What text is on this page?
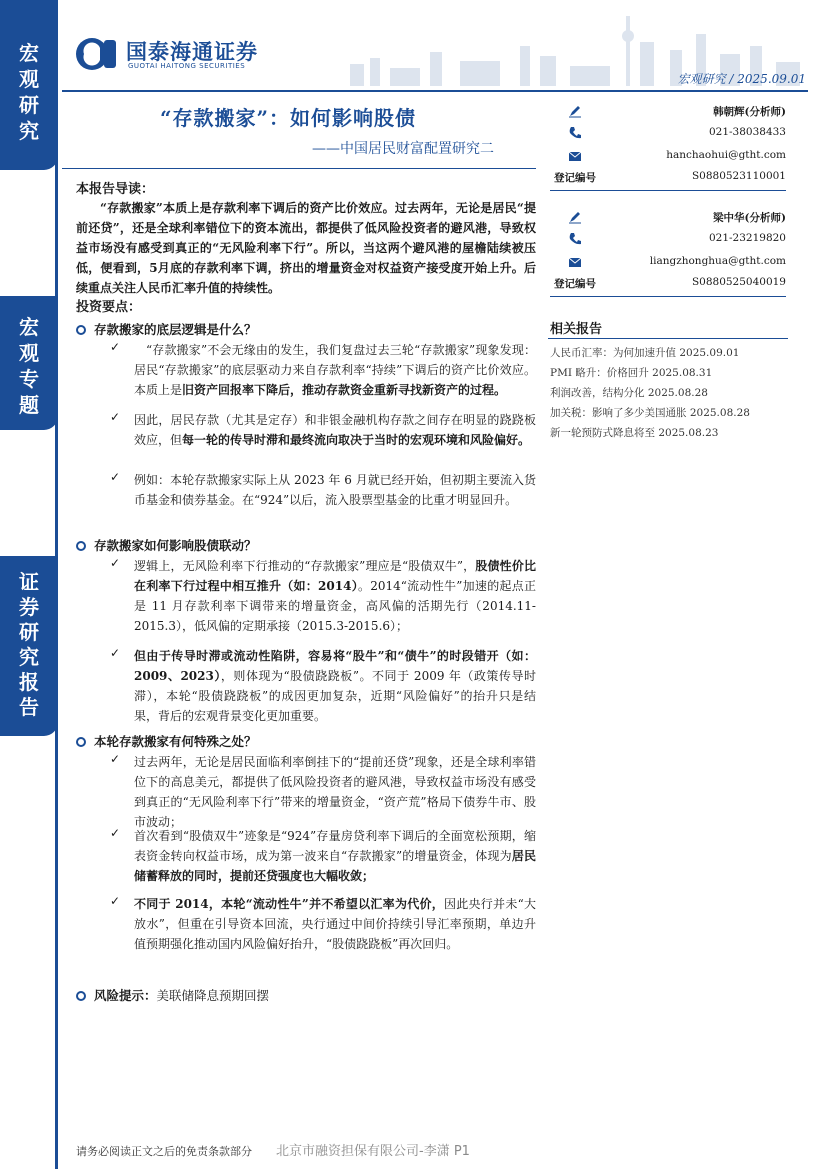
宏观研究
宏观专题
证券研究报告
国泰海通证券
GUOTAI HAITONG SECURITIES
宏观研究 / 2025.09.01
“存款搬家”：如何影响股债
——中国居民财富配置研究二
韩朝辉(分析师)
021-38038433
hanchaohui@gtht.com
登记编号	S0880523110001
梁中华(分析师)
021-23219820
liangzhonghua@gtht.com
登记编号	S0880525040019
相关报告
人民币汇率：为何加速升值 2025.09.01
PMI 略升：价格回升 2025.08.31
利润改善，结构分化 2025.08.28
加关税：影响了多少美国通胀 2025.08.28
新一轮预防式降息将至 2025.08.23
本报告导读：
“存款搬家”本质上是存款利率下调后的资产比价效应。过去两年，无论是居民“提前还贷”，还是全球利率错位下的资本流出，都提供了低风险投资者的避风港，导致权益市场没有感受到真正的“无风险利率下行”。所以，当这两个避风港的屋檐陆续被压低，便看到，5月底的存款利率下调，挤出的增量资金对权益资产接受度开始上升。后续重点关注人民币汇率升值的持续性。
投资要点：
存款搬家的底层逻辑是什么？
✓	“存款搬家”不会无缘由的发生，我们复盘过去三轮“存款搬家”现象发现：居民“存款搬家”的底层驱动力来自存款利率“持续”下调后的资产比价效应。本质上是旧资产回报率下降后，推动存款资金重新寻找新资产的过程。
✓ 因此，居民存款（尤其是定存）和非银金融机构存款之间存在明显的跷跷板效应，但每一轮的传导时滞和最终流向取决于当时的宏观环境和风险偏好。
✓ 例如：本轮存款搬家实际上从 2023 年 6 月就已经开始，但初期主要流入货币基金和债券基金。在“924”以后，流入股票型基金的比重才明显回升。
存款搬家如何影响股债联动？
✓ 逻辑上，无风险利率下行推动的“存款搬家”理应是“股债双牛”，股债性价比在利率下行过程中相互推升（如：2014）。2014“流动性牛”加速的起点正是 11 月存款利率下调带来的增量资金，高风偏的活期先行（2014.11-2015.3），低风偏的定期承接（2015.3-2015.6）；
✓ 但由于传导时滞或流动性陷阱，容易将“股牛”和“债牛”的时段错开（如：2009、2023），则体现为“股债跷跷板”。不同于 2009 年（政策传导时滞），本轮“股债跷跷板”的成因更加复杂，近期“风险偏好”的抬升只是结果，背后的宏观背景变化更加重要。
本轮存款搬家有何特殊之处？
✓ 过去两年，无论是居民面临利率倒挂下的“提前还贷”现象，还是全球利率错位下的高息美元，都提供了低风险投资者的避风港，导致权益市场没有感受到真正的“无风险利率下行”带来的增量资金，“资产荒”格局下债券牛市、股市波动；
✓ 首次看到“股债双牛”迹象是“924”存量房贷利率下调后的全面宽松预期，缩表资金转向权益市场，成为第一波来自“存款搬家”的增量资金，体现为居民储蓄释放的同时，提前还贷强度也大幅收敛；
✓ 不同于 2014，本轮“流动性牛”并不希望以汇率为代价，因此央行并未“大放水”，但重在引导资本回流，央行通过中间价持续引导汇率预期，单边升值预期强化推动国内风险偏好抬升，“股债跷跷板”再次回归。
风险提示：美联储降息预期回摆
请务必阅读正文之后的免责条款部分 北京市融资担保有限公司-李潇 P1
